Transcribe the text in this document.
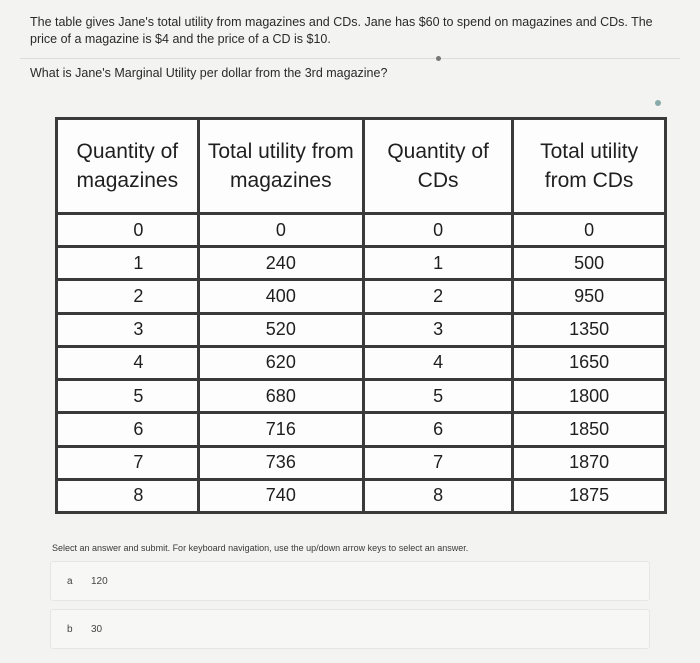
The table gives Jane's total utility from magazines and CDs. Jane has $60 to spend on magazines and CDs. The price of a magazine is $4 and the price of a CD is $10.
What is Jane's Marginal Utility per dollar from the 3rd magazine?
Quantity of magazines	Total utility from magazines	Quantity of CDs	Total utility from CDs
0	0	0	0
1	240	1	500
2	400	2	950
3	520	3	1350
4	620	4	1650
5	680	5	1800
6	716	6	1850
7	736	7	1870
8	740	8	1875
Select an answer and submit. For keyboard navigation, use the up/down arrow keys to select an answer.
a 120
b 30
